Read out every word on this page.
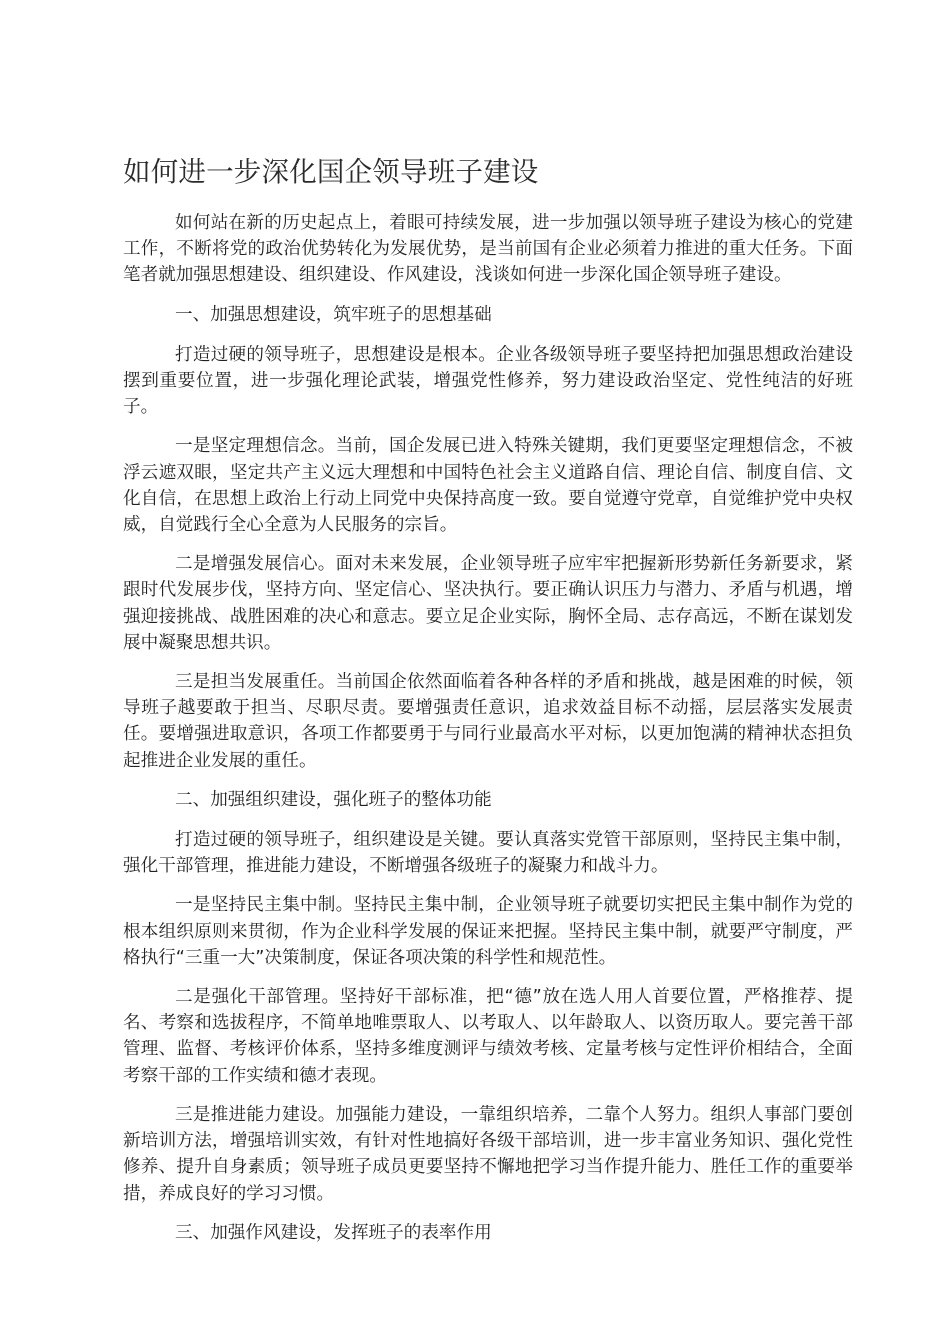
如何进一步深化国企领导班子建设

如何站在新的历史起点上，着眼可持续发展，进一步加强以领导班子建设为核心的党建工作，不断将党的政治优势转化为发展优势，是当前国有企业必须着力推进的重大任务。下面笔者就加强思想建设、组织建设、作风建设，浅谈如何进一步深化国企领导班子建设。

一、加强思想建设，筑牢班子的思想基础

打造过硬的领导班子，思想建设是根本。企业各级领导班子要坚持把加强思想政治建设摆到重要位置，进一步强化理论武装，增强党性修养，努力建设政治坚定、党性纯洁的好班子。

一是坚定理想信念。当前，国企发展已进入特殊关键期，我们更要坚定理想信念，不被浮云遮双眼，坚定共产主义远大理想和中国特色社会主义道路自信、理论自信、制度自信、文化自信，在思想上政治上行动上同党中央保持高度一致。要自觉遵守党章，自觉维护党中央权威，自觉践行全心全意为人民服务的宗旨。

二是增强发展信心。面对未来发展，企业领导班子应牢牢把握新形势新任务新要求，紧跟时代发展步伐，坚持方向、坚定信心、坚决执行。要正确认识压力与潜力、矛盾与机遇，增强迎接挑战、战胜困难的决心和意志。要立足企业实际，胸怀全局、志存高远，不断在谋划发展中凝聚思想共识。

三是担当发展重任。当前国企依然面临着各种各样的矛盾和挑战，越是困难的时候，领导班子越要敢于担当、尽职尽责。要增强责任意识，追求效益目标不动摇，层层落实发展责任。要增强进取意识，各项工作都要勇于与同行业最高水平对标，以更加饱满的精神状态担负起推进企业发展的重任。

二、加强组织建设，强化班子的整体功能

打造过硬的领导班子，组织建设是关键。要认真落实党管干部原则，坚持民主集中制，强化干部管理，推进能力建设，不断增强各级班子的凝聚力和战斗力。

一是坚持民主集中制。坚持民主集中制，企业领导班子就要切实把民主集中制作为党的根本组织原则来贯彻，作为企业科学发展的保证来把握。坚持民主集中制，就要严守制度，严格执行“三重一大”决策制度，保证各项决策的科学性和规范性。

二是强化干部管理。坚持好干部标准，把“德”放在选人用人首要位置，严格推荐、提名、考察和选拔程序，不简单地唯票取人、以考取人、以年龄取人、以资历取人。要完善干部管理、监督、考核评价体系，坚持多维度测评与绩效考核、定量考核与定性评价相结合，全面考察干部的工作实绩和德才表现。

三是推进能力建设。加强能力建设，一靠组织培养，二靠个人努力。组织人事部门要创新培训方法，增强培训实效，有针对性地搞好各级干部培训，进一步丰富业务知识、强化党性修养、提升自身素质；领导班子成员更要坚持不懈地把学习当作提升能力、胜任工作的重要举措，养成良好的学习习惯。

三、加强作风建设，发挥班子的表率作用
